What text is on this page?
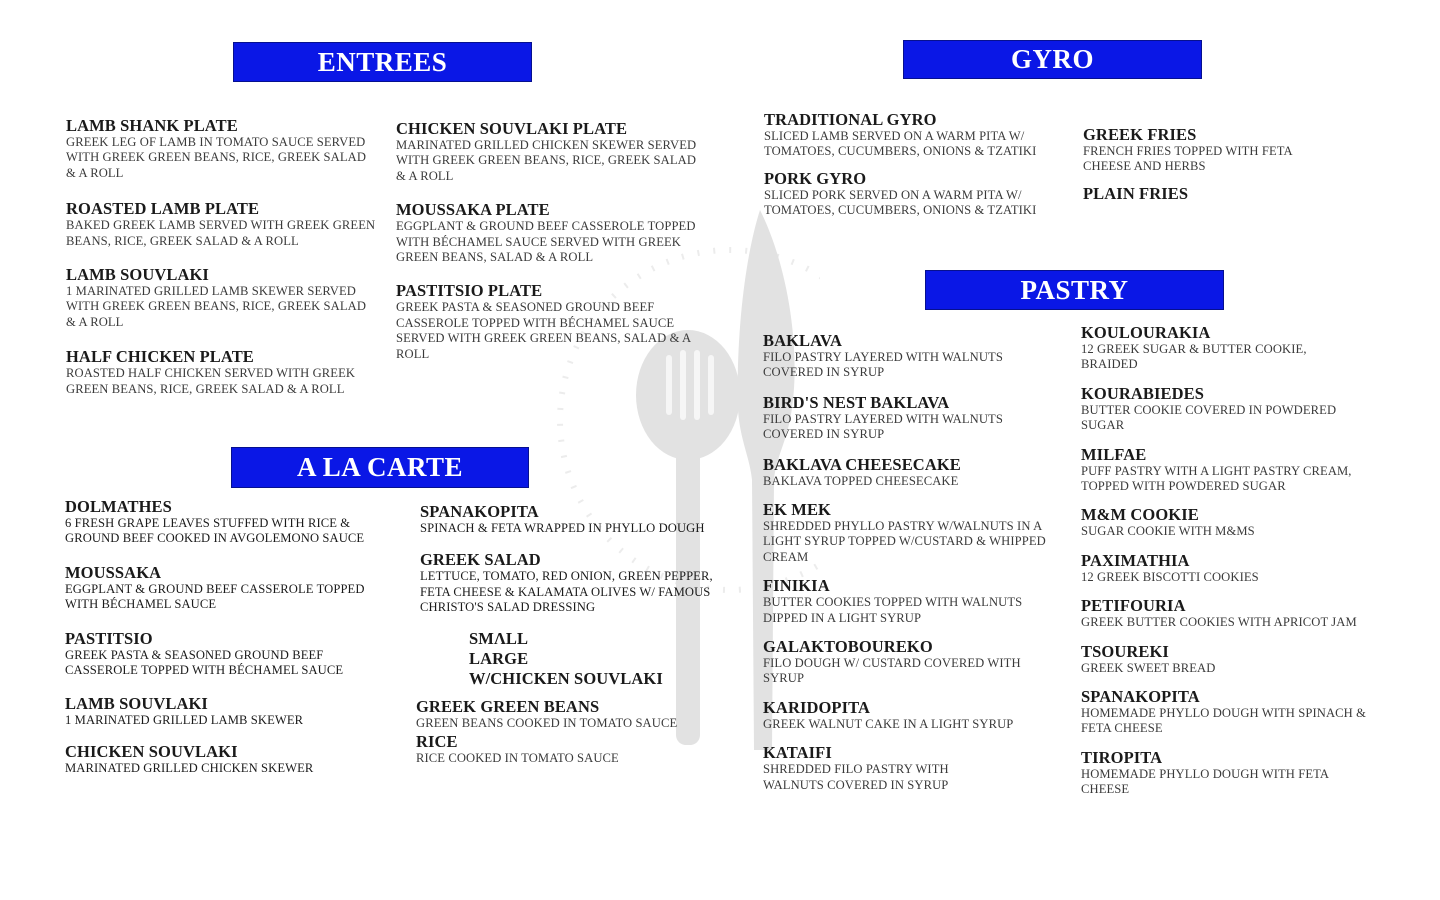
ENTREES
A LA CARTE
GYRO
PASTRY
LAMB SHANK PLATE
GREEK LEG OF LAMB IN TOMATO SAUCE SERVED WITH GREEK GREEN BEANS, RICE, GREEK SALAD & A ROLL
ROASTED LAMB PLATE
BAKED GREEK LAMB SERVED WITH GREEK GREEN BEANS, RICE, GREEK SALAD & A ROLL
LAMB SOUVLAKI
1 MARINATED GRILLED LAMB SKEWER SERVED WITH GREEK GREEN BEANS, RICE, GREEK SALAD & A ROLL
HALF CHICKEN PLATE
ROASTED HALF CHICKEN SERVED WITH GREEK GREEN BEANS, RICE, GREEK SALAD & A ROLL
CHICKEN SOUVLAKI PLATE
MARINATED GRILLED CHICKEN SKEWER SERVED WITH GREEK GREEN BEANS, RICE, GREEK SALAD & A ROLL
MOUSSAKA PLATE
EGGPLANT & GROUND BEEF CASSEROLE TOPPED WITH BÉCHAMEL SAUCE SERVED WITH GREEK GREEN BEANS, SALAD & A ROLL
PASTITSIO PLATE
GREEK PASTA & SEASONED GROUND BEEF CASSEROLE TOPPED WITH BÉCHAMEL SAUCE SERVED WITH GREEK GREEN BEANS, SALAD & A ROLL
DOLMATHES
6 FRESH GRAPE LEAVES STUFFED WITH RICE & GROUND BEEF COOKED IN AVGOLEMONO SAUCE
MOUSSAKA
EGGPLANT & GROUND BEEF CASSEROLE TOPPED WITH BÉCHAMEL SAUCE
PASTITSIO
GREEK PASTA & SEASONED GROUND BEEF CASSEROLE TOPPED WITH BÉCHAMEL SAUCE
LAMB SOUVLAKI
1 MARINATED GRILLED LAMB SKEWER
CHICKEN SOUVLAKI
MARINATED GRILLED CHICKEN SKEWER
SPANAKOPITA
SPINACH & FETA WRAPPED IN PHYLLO DOUGH
GREEK SALAD
LETTUCE, TOMATO, RED ONION, GREEN PEPPER, FETA CHEESE & KALAMATA OLIVES W/ FAMOUS CHRISTO'S SALAD DRESSING
SMΛLL
LARGE
W/CHICKEN SOUVLAKI
GREEK GREEN BEANS
GREEN BEANS COOKED IN TOMATO SAUCE
RICE
RICE COOKED IN TOMATO SAUCE
TRADITIONAL GYRO
SLICED LAMB SERVED ON A WARM PITA W/ TOMATOES, CUCUMBERS, ONIONS & TZATIKI
PORK GYRO
SLICED PORK SERVED ON A WARM PITA W/ TOMATOES, CUCUMBERS, ONIONS & TZATIKI
GREEK FRIES
FRENCH FRIES TOPPED WITH FETA CHEESE AND HERBS
PLAIN FRIES
BAKLAVA
FILO PASTRY LAYERED WITH WALNUTS COVERED IN SYRUP
BIRD'S NEST BAKLAVA
FILO PASTRY LAYERED WITH WALNUTS COVERED IN SYRUP
BAKLAVA CHEESECAKE
BAKLAVA TOPPED CHEESECAKE
EK MEK
SHREDDED PHYLLO PASTRY W/WALNUTS IN A LIGHT SYRUP TOPPED W/CUSTARD & WHIPPED CREAM
FINIKIA
BUTTER COOKIES TOPPED WITH WALNUTS DIPPED IN A LIGHT SYRUP
GALAKTOBOUREKO
FILO DOUGH W/ CUSTARD COVERED WITH SYRUP
KARIDOPITA
GREEK WALNUT CAKE IN A LIGHT SYRUP
KATAIFI
SHREDDED FILO PASTRY WITH WALNUTS COVERED IN SYRUP
KOULOURAKIA
12 GREEK SUGAR & BUTTER COOKIE, BRAIDED
KOURABIEDES
BUTTER COOKIE COVERED IN POWDERED SUGAR
MILFAE
PUFF PASTRY WITH A LIGHT PASTRY CREAM, TOPPED WITH POWDERED SUGAR
M&M COOKIE
SUGAR COOKIE WITH M&MS
PAXIMATHIA
12 GREEK BISCOTTI COOKIES
PETIFOURIA
GREEK BUTTER COOKIES WITH APRICOT JAM
TSOUREKI
GREEK SWEET BREAD
SPANAKOPITA
HOMEMADE PHYLLO DOUGH WITH SPINACH & FETA CHEESE
TIROPITA
HOMEMADE PHYLLO DOUGH WITH FETA CHEESE
